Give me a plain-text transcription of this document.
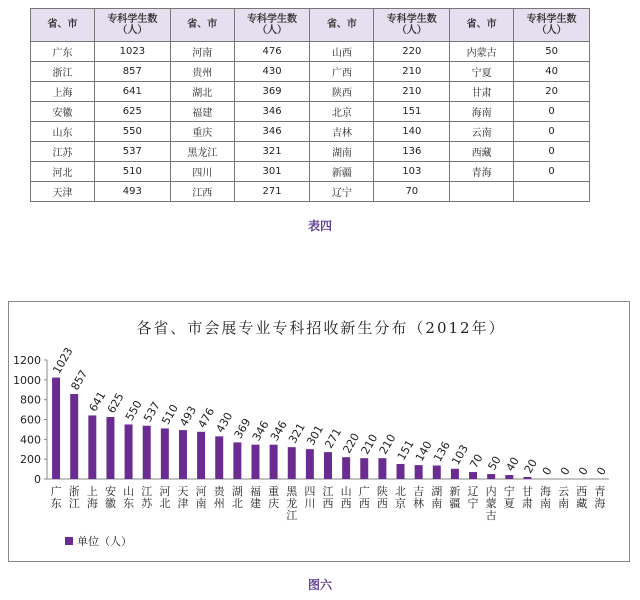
省、市	专科学生数（人）	省、市	专科学生数（人）	省、市	专科学生数（人）	省、市	专科学生数（人）
广东	1023	河南	476	山西	220	内蒙古	50
浙江	857	贵州	430	广西	210	宁夏	40
上海	641	湖北	369	陕西	210	甘肃	20
安徽	625	福建	346	北京	151	海南	0
山东	550	重庆	346	吉林	140	云南	0
江苏	537	黑龙江	321	湖南	136	西藏	0
河北	510	四川	301	新疆	103	青海	0
天津	493	江西	271	辽宁	70		
表四
各省、市会展专业专科招收新生分布（2012年）
0
200
400
600
800
1000
1200 1023
广东
857
浙江
641
上海
625
安徽
550
山东
537
江苏
510
河北
493
天津
476
河南
430
贵州
369
湖北
346
福建
346
重庆
321
黑龙江
301
四川
271
江西
220
山西
210
广西
210
陕西
151
北京
140
吉林
136
湖南
103
新疆
70
辽宁
50
内蒙古
40
宁夏
20
甘肃
0
海南
0
云南
0
西藏
0
青海
单位（人）
图六
